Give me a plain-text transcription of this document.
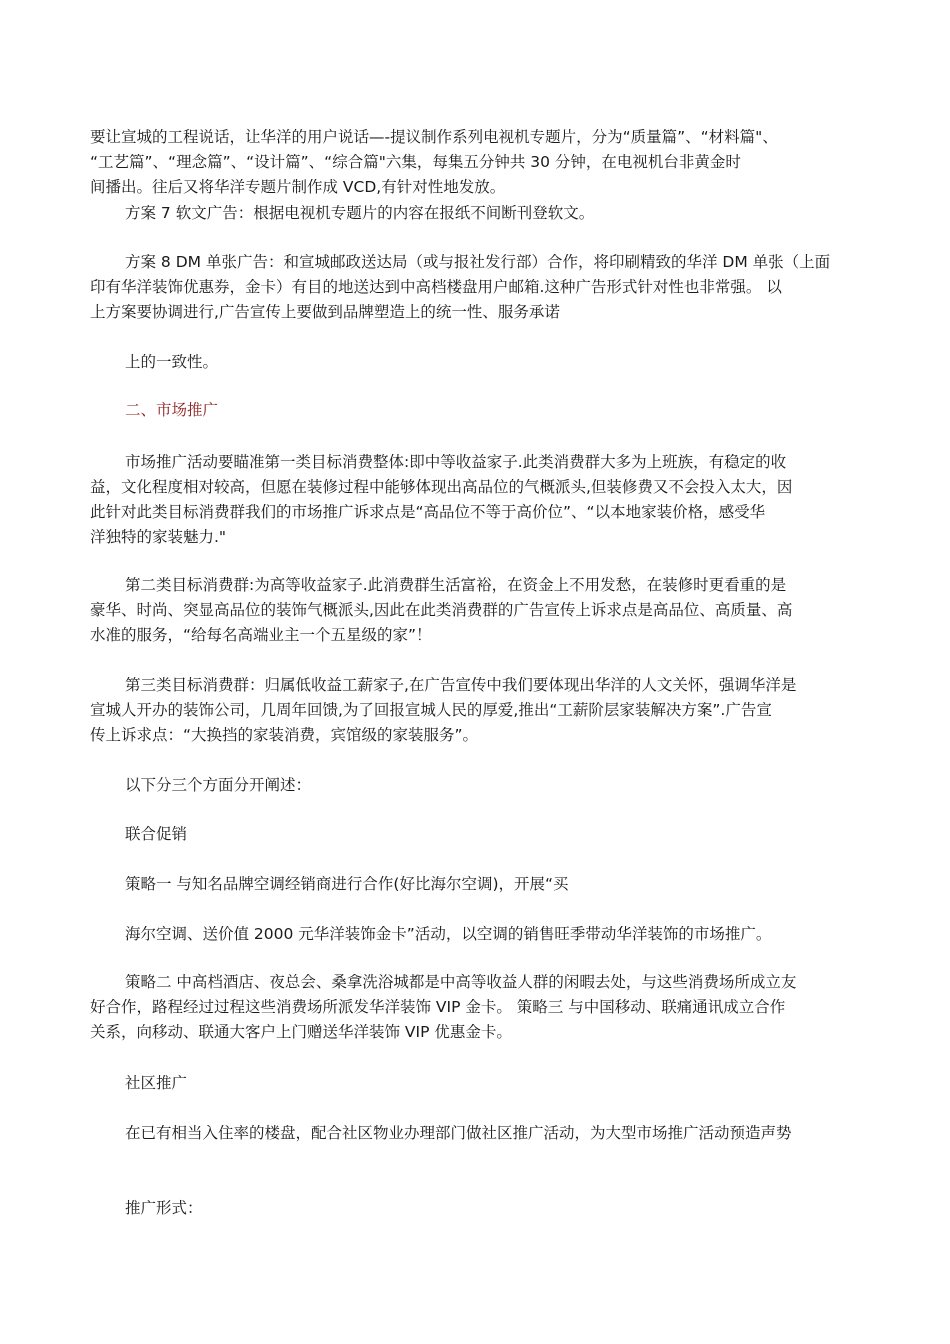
要让宣城的工程说话，让华洋的用户说话—-提议制作系列电视机专题片，分为“质量篇”、“材料篇"、
“工艺篇”、“理念篇”、“设计篇”、“综合篇"六集，每集五分钟共 30 分钟，在电视机台非黄金时
间播出。往后又将华洋专题片制作成 VCD,有针对性地发放。

方案 7 软文广告：根据电视机专题片的内容在报纸不间断刊登软文。

方案 8 DM 单张广告：和宣城邮政送达局（或与报社发行部）合作，将印刷精致的华洋 DM 单张（上面
印有华洋装饰优惠券，金卡）有目的地送达到中高档楼盘用户邮箱.这种广告形式针对性也非常强。 以
上方案要协调进行,广告宣传上要做到品牌塑造上的统一性、服务承诺

上的一致性。

二、市场推广

市场推广活动要瞄准第一类目标消费整体:即中等收益家子.此类消费群大多为上班族，有稳定的收
益，文化程度相对较高，但愿在装修过程中能够体现出高品位的气概派头,但装修费又不会投入太大，因
此针对此类目标消费群我们的市场推广诉求点是“高品位不等于高价位”、“以本地家装价格，感受华
洋独特的家装魅力."

第二类目标消费群:为高等收益家子.此消费群生活富裕，在资金上不用发愁，在装修时更看重的是
豪华、时尚、突显高品位的装饰气概派头,因此在此类消费群的广告宣传上诉求点是高品位、高质量、高
水准的服务，“给每名高端业主一个五星级的家”！

第三类目标消费群：归属低收益工薪家子,在广告宣传中我们要体现出华洋的人文关怀，强调华洋是
宣城人开办的装饰公司，几周年回馈,为了回报宣城人民的厚爱,推出“工薪阶层家装解决方案”.广告宣
传上诉求点：“大换挡的家装消费，宾馆级的家装服务”。

以下分三个方面分开阐述：

联合促销

策略一 与知名品牌空调经销商进行合作(好比海尔空调)，开展“买

海尔空调、送价值 2000 元华洋装饰金卡”活动，以空调的销售旺季带动华洋装饰的市场推广。

策略二 中高档酒店、夜总会、桑拿洗浴城都是中高等收益人群的闲暇去处，与这些消费场所成立友
好合作，路程经过过程这些消费场所派发华洋装饰 VIP 金卡。 策略三 与中国移动、联痛通讯成立合作
关系，向移动、联通大客户上门赠送华洋装饰 VIP 优惠金卡。

社区推广

在已有相当入住率的楼盘，配合社区物业办理部门做社区推广活动，为大型市场推广活动预造声势

推广形式：
